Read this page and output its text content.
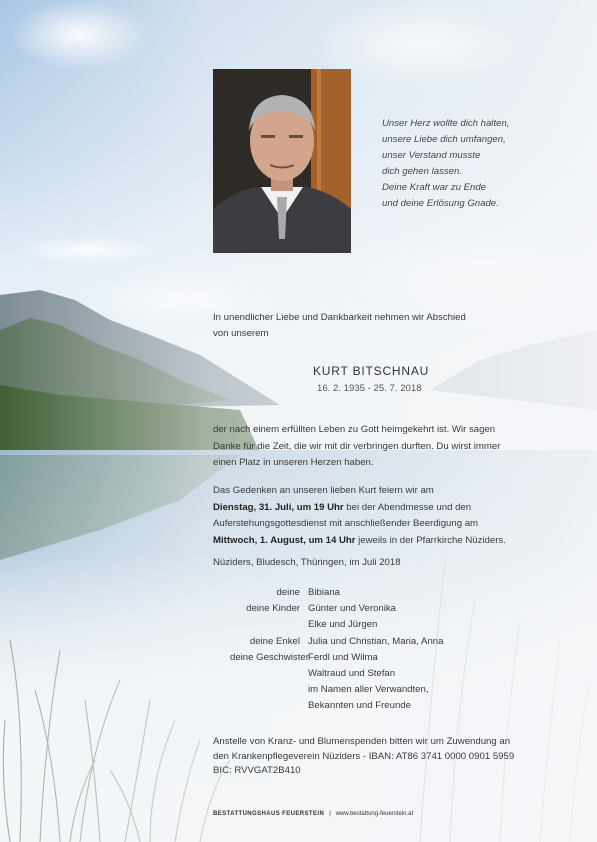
Unser Herz wollte dich halten,
unsere Liebe dich umfangen,
unser Verstand musste
dich gehen lassen.
Deine Kraft war zu Ende
und deine Erlösung Gnade.
In unendlicher Liebe und Dankbarkeit nehmen wir Abschied
von unserem
KURT BITSCHNAU
16. 2. 1935 - 25. 7. 2018
der nach einem erfüllten Leben zu Gott heimgekehrt ist. Wir sagen
Danke für die Zeit, die wir mit dir verbringen durften. Du wirst immer
einen Platz in unseren Herzen haben.
Das Gedenken an unseren lieben Kurt feiern wir am
Dienstag, 31. Juli, um 19 Uhr bei der Abendmesse und den
Auferstehungsgottesdienst mit anschließender Beerdigung am
Mittwoch, 1. August, um 14 Uhr jeweils in der Pfarrkirche Nüziders.
Nüziders, Bludesch, Thüringen, im Juli 2018
deine Bibiana
deine Kinder Günter und Veronika
Elke und Jürgen
deine Enkel Julia und Christian, Maria, Anna
deine Geschwister Ferdl und Wilma
Waltraud und Stefan
im Namen aller Verwandten,
Bekannten und Freunde
Anstelle von Kranz- und Blumenspenden bitten wir um Zuwendung an
den Krankenpflegeverein Nüziders - IBAN: AT86 3741 0000 0901 5959
BIC: RVVGAT2B410
BESTATTUNGSHAUS FEUERSTEIN | www.bestattung-feuerstein.at
